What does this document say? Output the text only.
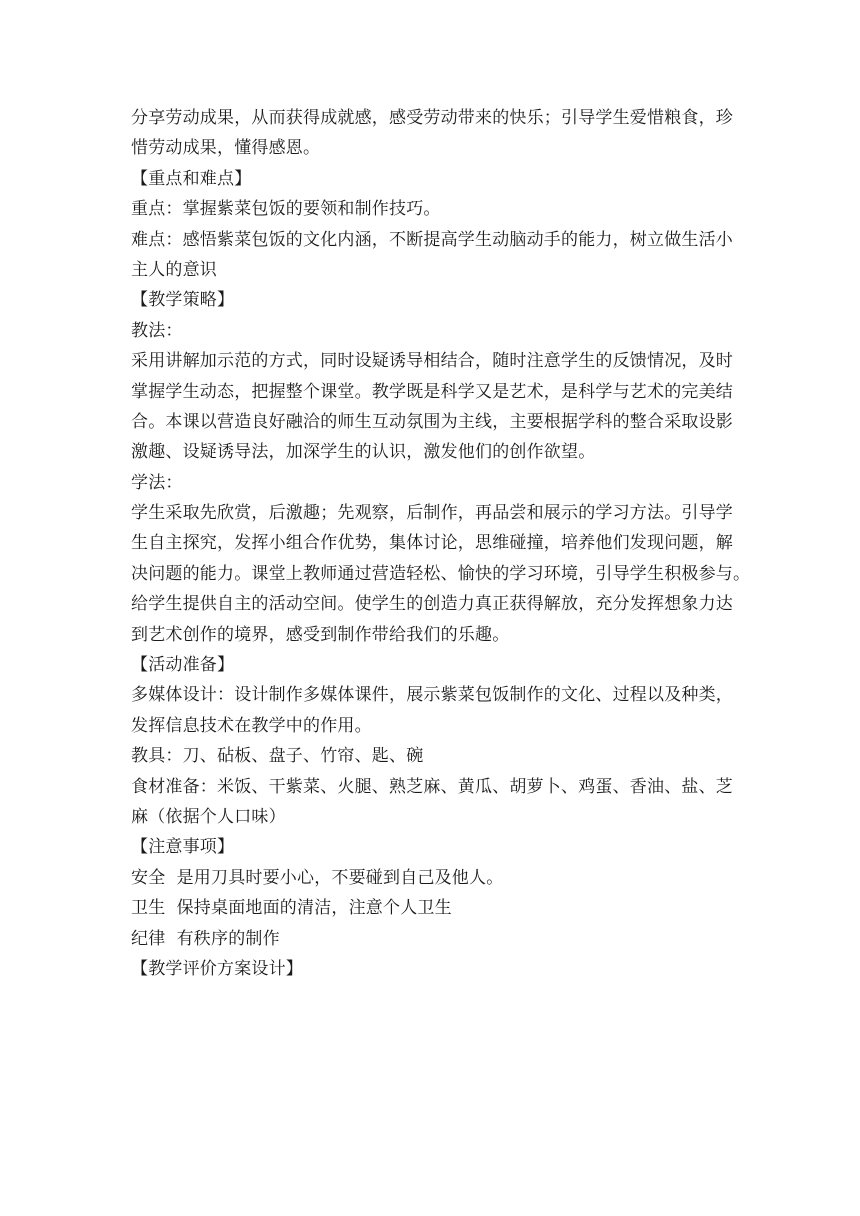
分享劳动成果，从而获得成就感，感受劳动带来的快乐；引导学生爱惜粮食，珍
惜劳动成果，懂得感恩。
【重点和难点】
重点：掌握紫菜包饭的要领和制作技巧。
难点：感悟紫菜包饭的文化内涵，不断提高学生动脑动手的能力，树立做生活小
主人的意识
【教学策略】
教法：
采用讲解加示范的方式，同时设疑诱导相结合，随时注意学生的反馈情况，及时
掌握学生动态，把握整个课堂。教学既是科学又是艺术，是科学与艺术的完美结
合。本课以营造良好融洽的师生互动氛围为主线，主要根据学科的整合采取设影
激趣、设疑诱导法，加深学生的认识，激发他们的创作欲望。
学法：
学生采取先欣赏，后激趣；先观察，后制作，再品尝和展示的学习方法。引导学
生自主探究，发挥小组合作优势，集体讨论，思维碰撞，培养他们发现问题，解
决问题的能力。课堂上教师通过营造轻松、愉快的学习环境，引导学生积极参与。
给学生提供自主的活动空间。使学生的创造力真正获得解放，充分发挥想象力达
到艺术创作的境界，感受到制作带给我们的乐趣。
【活动准备】
多媒体设计：设计制作多媒体课件，展示紫菜包饭制作的文化、过程以及种类，
发挥信息技术在教学中的作用。
教具：刀、砧板、盘子、竹帘、匙、碗
食材准备：米饭、干紫菜、火腿、熟芝麻、黄瓜、胡萝卜、鸡蛋、香油、盐、芝
麻（依据个人口味）
【注意事项】
安全  是用刀具时要小心，不要碰到自己及他人。
卫生  保持桌面地面的清洁，注意个人卫生
纪律  有秩序的制作
【教学评价方案设计】
